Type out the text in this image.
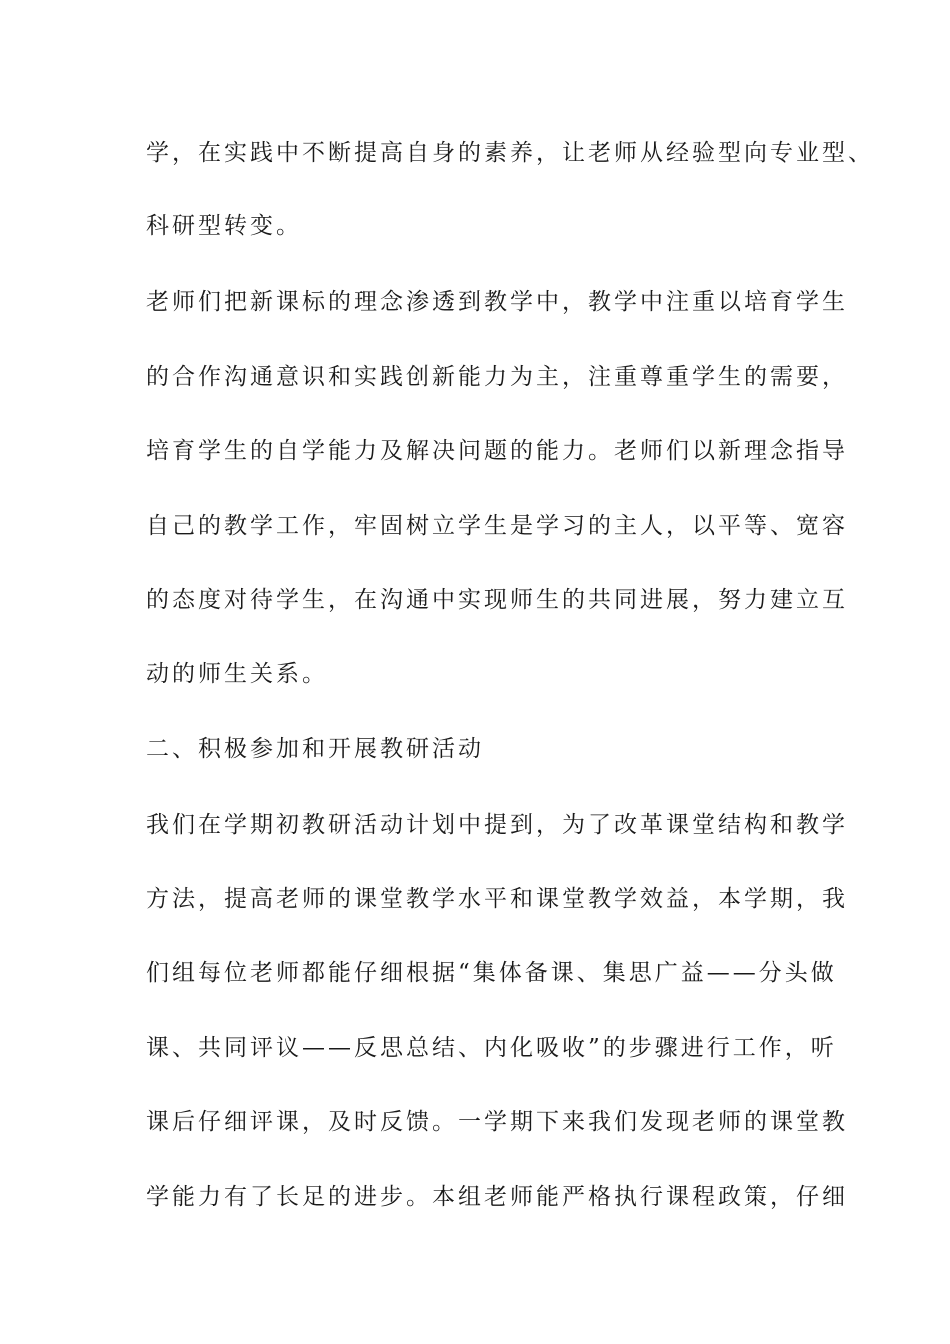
学，在实践中不断提高自身的素养，让老师从经验型向专业型、
科研型转变。
老师们把新课标的理念渗透到教学中，教学中注重以培育学生
的合作沟通意识和实践创新能力为主，注重尊重学生的需要，
培育学生的自学能力及解决问题的能力。老师们以新理念指导
自己的教学工作，牢固树立学生是学习的主人，以平等、宽容
的态度对待学生，在沟通中实现师生的共同进展，努力建立互
动的师生关系。
二、积极参加和开展教研活动
我们在学期初教研活动计划中提到，为了改革课堂结构和教学
方法，提高老师的课堂教学水平和课堂教学效益，本学期，我
们组每位老师都能仔细根据“集体备课、集思广益——分头做
课、共同评议——反思总结、内化吸收”的步骤进行工作，听
课后仔细评课，及时反馈。一学期下来我们发现老师的课堂教
学能力有了长足的进步。本组老师能严格执行课程政策，仔细
